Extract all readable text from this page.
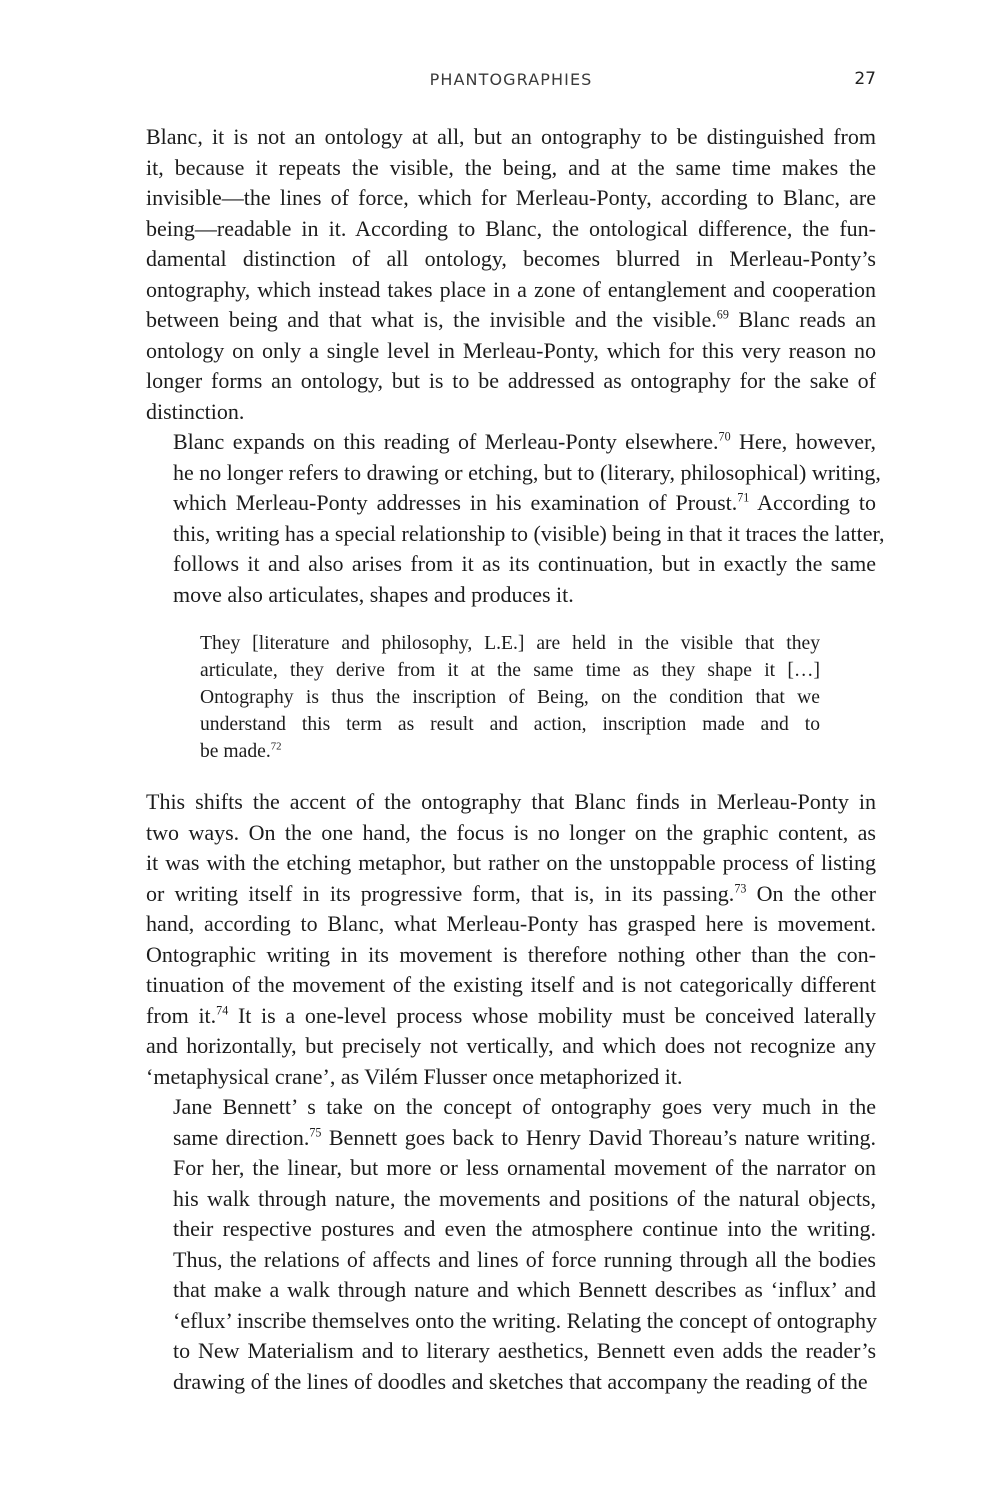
PHANTOGRAPHIES	27

Blanc, it is not an ontology at all, but an ontography to be distinguished from
it, because it repeats the visible, the being, and at the same time makes the
invisible—the lines of force, which for Merleau-Ponty, according to Blanc, are
being—readable in it. According to Blanc, the ontological difference, the fun-
damental distinction of all ontology, becomes blurred in Merleau-Ponty’s
ontography, which instead takes place in a zone of entanglement and cooperation
between being and that what is, the invisible and the visible.$^{69}$ Blanc reads an
ontology on only a single level in Merleau-Ponty, which for this very reason no
longer forms an ontology, but is to be addressed as ontography for the sake of
distinction.

Blanc expands on this reading of Merleau-Ponty elsewhere.$^{70}$ Here, however,
he no longer refers to drawing or etching, but to (literary, philosophical) writing,
which Merleau-Ponty addresses in his examination of Proust.$^{71}$ According to
this, writing has a special relationship to (visible) being in that it traces the latter,
follows it and also arises from it as its continuation, but in exactly the same
move also articulates, shapes and produces it.

They [literature and philosophy, L.E.] are held in the visible that they
articulate, they derive from it at the same time as they shape it […]
Ontography is thus the inscription of Being, on the condition that we
understand this term as result and action, inscription made and to
be made.$^{72}$

This shifts the accent of the ontography that Blanc finds in Merleau-Ponty in
two ways. On the one hand, the focus is no longer on the graphic content, as
it was with the etching metaphor, but rather on the unstoppable process of listing
or writing itself in its progressive form, that is, in its passing.$^{73}$ On the other
hand, according to Blanc, what Merleau-Ponty has grasped here is movement.
Ontographic writing in its movement is therefore nothing other than the con-
tinuation of the movement of the existing itself and is not categorically different
from it.$^{74}$ It is a one-level process whose mobility must be conceived laterally
and horizontally, but precisely not vertically, and which does not recognize any
‘metaphysical crane’, as Vilém Flusser once metaphorized it.

Jane Bennett’ s take on the concept of ontography goes very much in the
same direction.$^{75}$ Bennett goes back to Henry David Thoreau’s nature writing.
For her, the linear, but more or less ornamental movement of the narrator on
his walk through nature, the movements and positions of the natural objects,
their respective postures and even the atmosphere continue into the writing.
Thus, the relations of affects and lines of force running through all the bodies
that make a walk through nature and which Bennett describes as ‘influx’ and
‘eflux’ inscribe themselves onto the writing. Relating the concept of ontography
to New Materialism and to literary aesthetics, Bennett even adds the reader’s
drawing of the lines of doodles and sketches that accompany the reading of the
